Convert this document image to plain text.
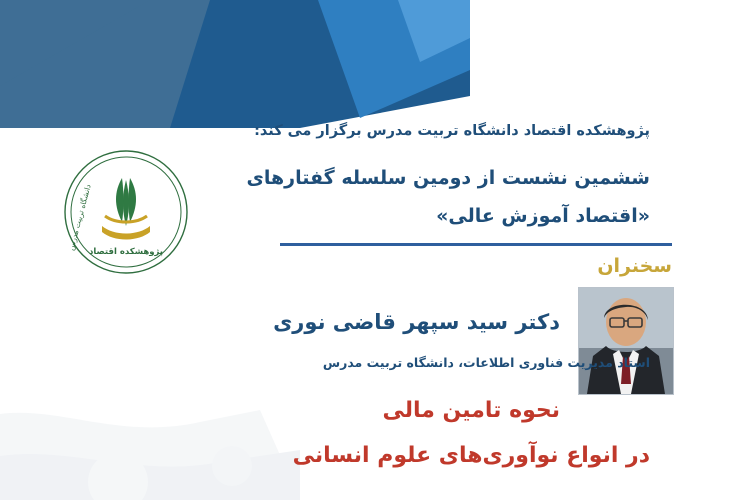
پژوهشکده اقتصاد
دانشگاه تربیت مدرس
پژوهشکده اقتصاد دانشگاه تربیت مدرس برگزار می کند:
ششمین نشست از دومین سلسله گفتارهای
«اقتصاد آموزش عالی»
سخنران
دکتر سید سپهر قاضی نوری
استاد مدیریت فناوری اطلاعات، دانشگاه تربیت مدرس
نحوه تامین مالی
در انواع نوآوری‌های علوم انسانی
